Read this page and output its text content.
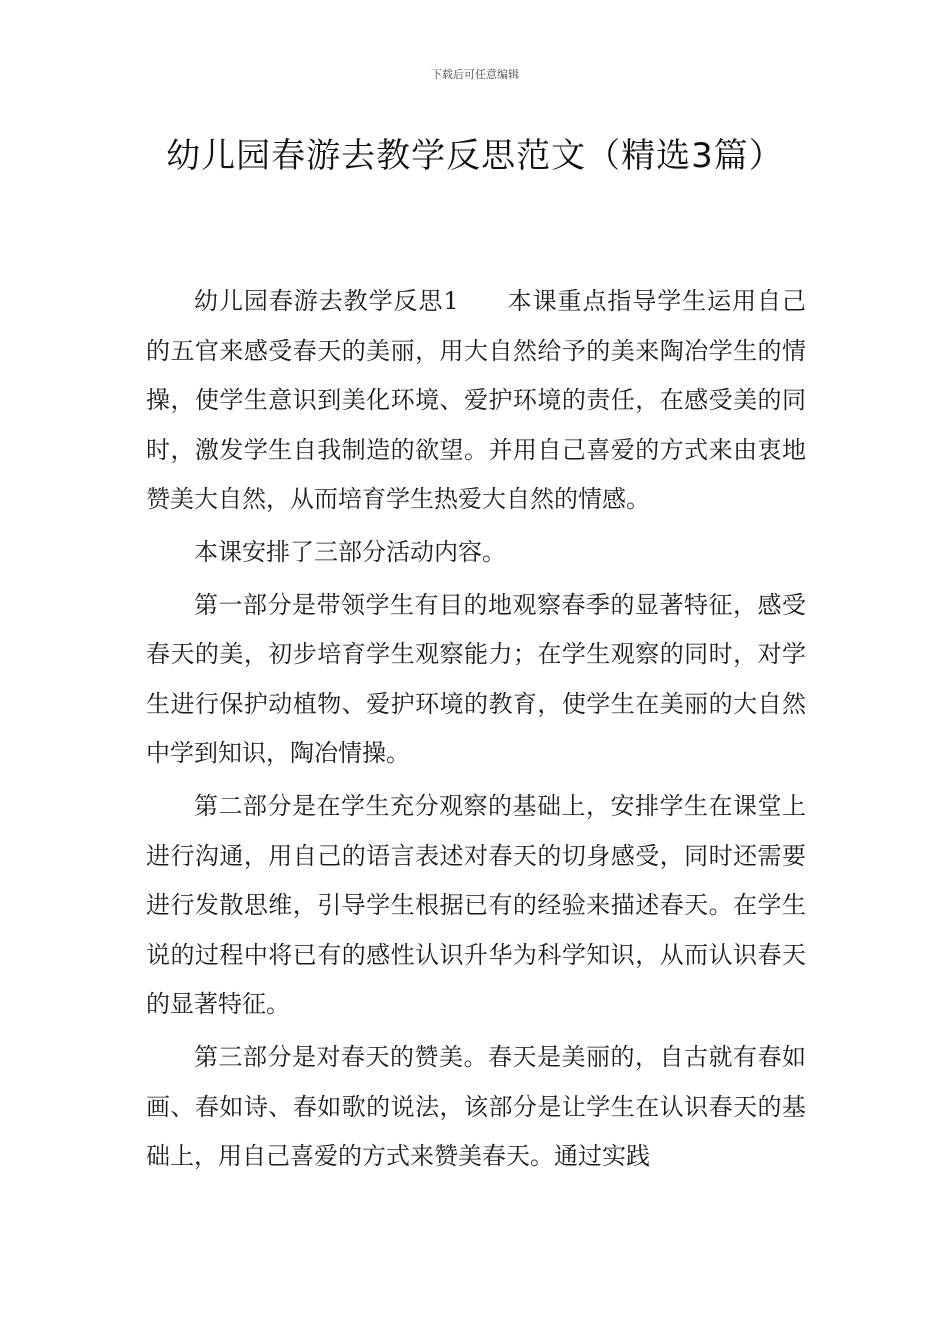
下载后可任意编辑
幼儿园春游去教学反思范文（精选3篇）

幼儿园春游去教学反思1 本课重点指导学生运用自己的五官来感受春天的美丽，用大自然给予的美来陶冶学生的情操，使学生意识到美化环境、爱护环境的责任，在感受美的同时，激发学生自我制造的欲望。并用自己喜爱的方式来由衷地赞美大自然，从而培育学生热爱大自然的情感。

本课安排了三部分活动内容。

第一部分是带领学生有目的地观察春季的显著特征，感受春天的美，初步培育学生观察能力；在学生观察的同时，对学生进行保护动植物、爱护环境的教育，使学生在美丽的大自然中学到知识，陶冶情操。

第二部分是在学生充分观察的基础上，安排学生在课堂上进行沟通，用自己的语言表述对春天的切身感受，同时还需要进行发散思维，引导学生根据已有的经验来描述春天。在学生说的过程中将已有的感性认识升华为科学知识，从而认识春天的显著特征。

第三部分是对春天的赞美。春天是美丽的，自古就有春如画、春如诗、春如歌的说法，该部分是让学生在认识春天的基础上，用自己喜爱的方式来赞美春天。通过实践
